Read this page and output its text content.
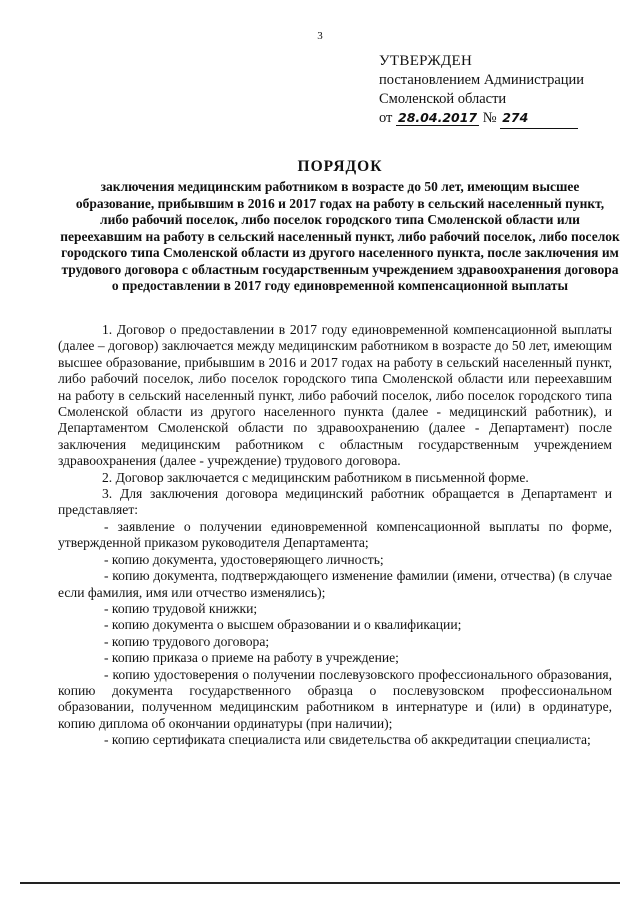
3
УТВЕРЖДЕН
постановлением Администрации
Смоленской области
от 28.04.2017 № 274
ПОРЯДОК
заключения медицинским работником в возрасте до 50 лет, имеющим высшее образование, прибывшим в 2016 и 2017 годах на работу в сельский населенный пункт, либо рабочий поселок, либо поселок городского типа Смоленской области или переехавшим на работу в сельский населенный пункт, либо рабочий поселок, либо поселок городского типа Смоленской области из другого населенного пункта, после заключения им трудового договора с областным государственным учреждением здравоохранения договора о предоставлении в 2017 году единовременной компенсационной выплаты

1. Договор о предоставлении в 2017 году единовременной компенсационной выплаты (далее – договор) заключается между медицинским работником в возрасте до 50 лет, имеющим высшее образование, прибывшим в 2016 и 2017 годах на работу в сельский населенный пункт, либо рабочий поселок, либо поселок городского типа Смоленской области или переехавшим на работу в сельский населенный пункт, либо рабочий поселок, либо поселок городского типа Смоленской области из другого населенного пункта (далее - медицинский работник), и Департаментом Смоленской области по здравоохранению (далее - Департамент) после заключения медицинским работником с областным государственным учреждением здравоохранения (далее - учреждение) трудового договора.

2. Договор заключается с медицинским работником в письменной форме.

3. Для заключения договора медицинский работник обращается в Департамент и представляет:

- заявление о получении единовременной компенсационной выплаты по форме, утвержденной приказом руководителя Департамента;

- копию документа, удостоверяющего личность;

- копию документа, подтверждающего изменение фамилии (имени, отчества) (в случае если фамилия, имя или отчество изменялись);

- копию трудовой книжки;

- копию документа о высшем образовании и о квалификации;

- копию трудового договора;

- копию приказа о приеме на работу в учреждение;

- копию удостоверения о получении послевузовского профессионального образования, копию документа государственного образца о послевузовском профессиональном образовании, полученном медицинским работником в интернатуре и (или) в ординатуре, копию диплома об окончании ординатуры (при наличии);

- копию сертификата специалиста или свидетельства об аккредитации специалиста;
